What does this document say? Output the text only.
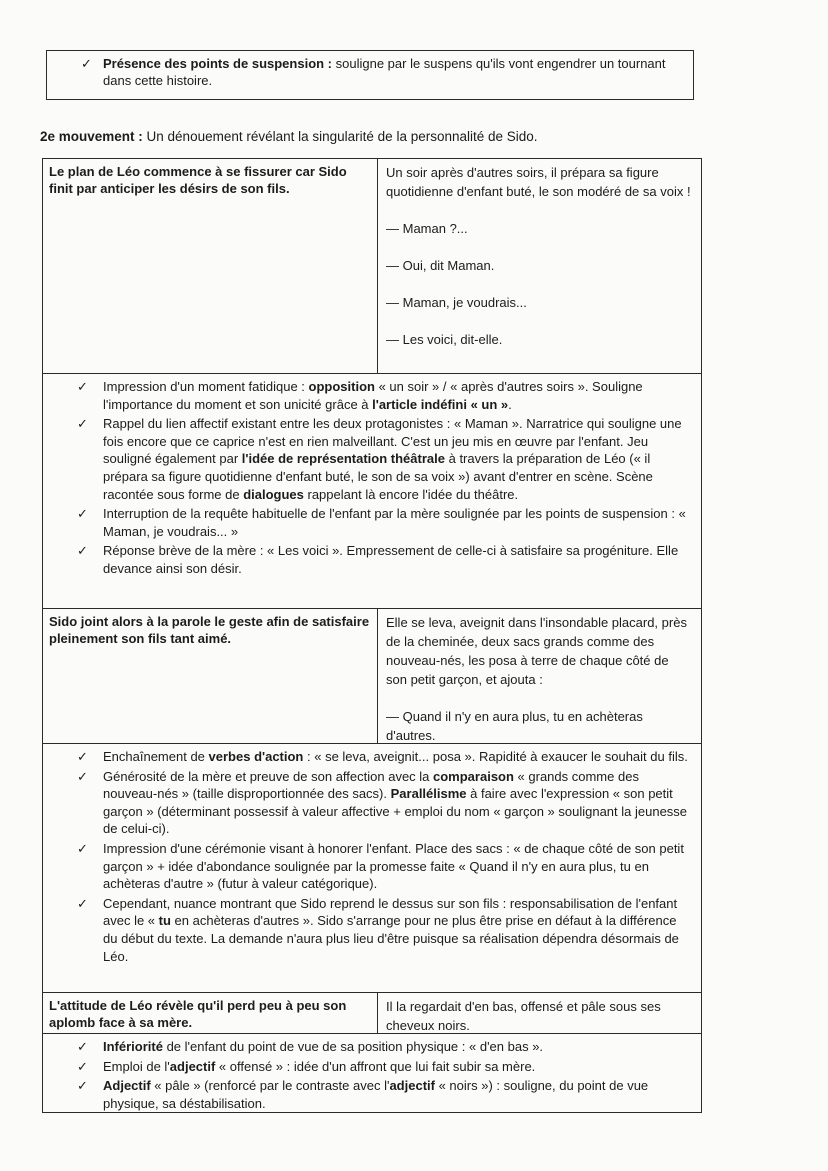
✓ Présence des points de suspension : souligne par le suspens qu'ils vont engendrer un tournant dans cette histoire.
2e mouvement : Un dénouement révélant la singularité de la personnalité de Sido.
Le plan de Léo commence à se fissurer car Sido finit par anticiper les désirs de son fils.

Un soir après d'autres soirs, il prépara sa figure quotidienne d'enfant buté, le son modéré de sa voix !

— Maman ?...

— Oui, dit Maman.

— Maman, je voudrais...

— Les voici, dit-elle.

✓ Impression d'un moment fatidique : opposition « un soir » / « après d'autres soirs ». Souligne l'importance du moment et son unicité grâce à l'article indéfini « un ».
✓ Rappel du lien affectif existant entre les deux protagonistes : « Maman ». Narratrice qui souligne une fois encore que ce caprice n'est en rien malveillant. C'est un jeu mis en œuvre par l'enfant. Jeu souligné également par l'idée de représentation théâtrale à travers la préparation de Léo (« il prépara sa figure quotidienne d'enfant buté, le son de sa voix ») avant d'entrer en scène. Scène racontée sous forme de dialogues rappelant là encore l'idée du théâtre.
✓ Interruption de la requête habituelle de l'enfant par la mère soulignée par les points de suspension : « Maman, je voudrais... »
✓ Réponse brève de la mère : « Les voici ». Empressement de celle-ci à satisfaire sa progéniture. Elle devance ainsi son désir.
Sido joint alors à la parole le geste afin de satisfaire pleinement son fils tant aimé.

Elle se leva, aveignit dans l'insondable placard, près de la cheminée, deux sacs grands comme des nouveau-nés, les posa à terre de chaque côté de son petit garçon, et ajouta :

— Quand il n'y en aura plus, tu en achèteras d'autres.

✓ Enchaînement de verbes d'action : « se leva, aveignit... posa ». Rapidité à exaucer le souhait du fils.
✓ Générosité de la mère et preuve de son affection avec la comparaison « grands comme des nouveau-nés » (taille disproportionnée des sacs). Parallélisme à faire avec l'expression « son petit garçon » (déterminant possessif à valeur affective + emploi du nom « garçon » soulignant la jeunesse de celui-ci).
✓ Impression d'une cérémonie visant à honorer l'enfant. Place des sacs : « de chaque côté de son petit garçon » + idée d'abondance soulignée par la promesse faite « Quand il n'y en aura plus, tu en achèteras d'autre » (futur à valeur catégorique).
✓ Cependant, nuance montrant que Sido reprend le dessus sur son fils : responsabilisation de l'enfant avec le « tu en achèteras d'autres ». Sido s'arrange pour ne plus être prise en défaut à la différence du début du texte. La demande n'aura plus lieu d'être puisque sa réalisation dépendra désormais de Léo.
L'attitude de Léo révèle qu'il perd peu à peu son aplomb face à sa mère.

Il la regardait d'en bas, offensé et pâle sous ses cheveux noirs.

✓ Infériorité de l'enfant du point de vue de sa position physique : « d'en bas ».
✓ Emploi de l'adjectif « offensé » : idée d'un affront que lui fait subir sa mère.
✓ Adjectif « pâle » (renforcé par le contraste avec l'adjectif « noirs ») : souligne, du point de vue physique, sa déstabilisation.
